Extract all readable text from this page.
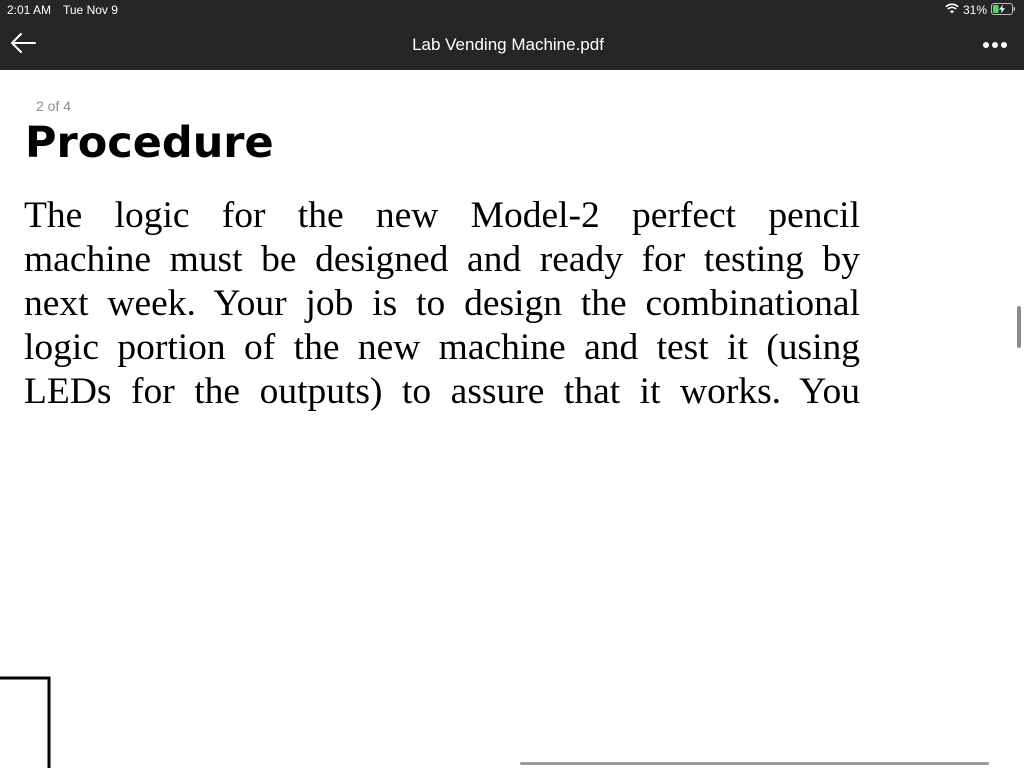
2:01 AM Tue Nov 9	31%
Lab Vending Machine.pdf
2 of 4
Procedure
The logic for the new Model-2 perfect pencil
machine must be designed and ready for testing by
next week. Your job is to design the combinational
logic portion of the new machine and test it (using
LEDs for the outputs) to assure that it works. You
